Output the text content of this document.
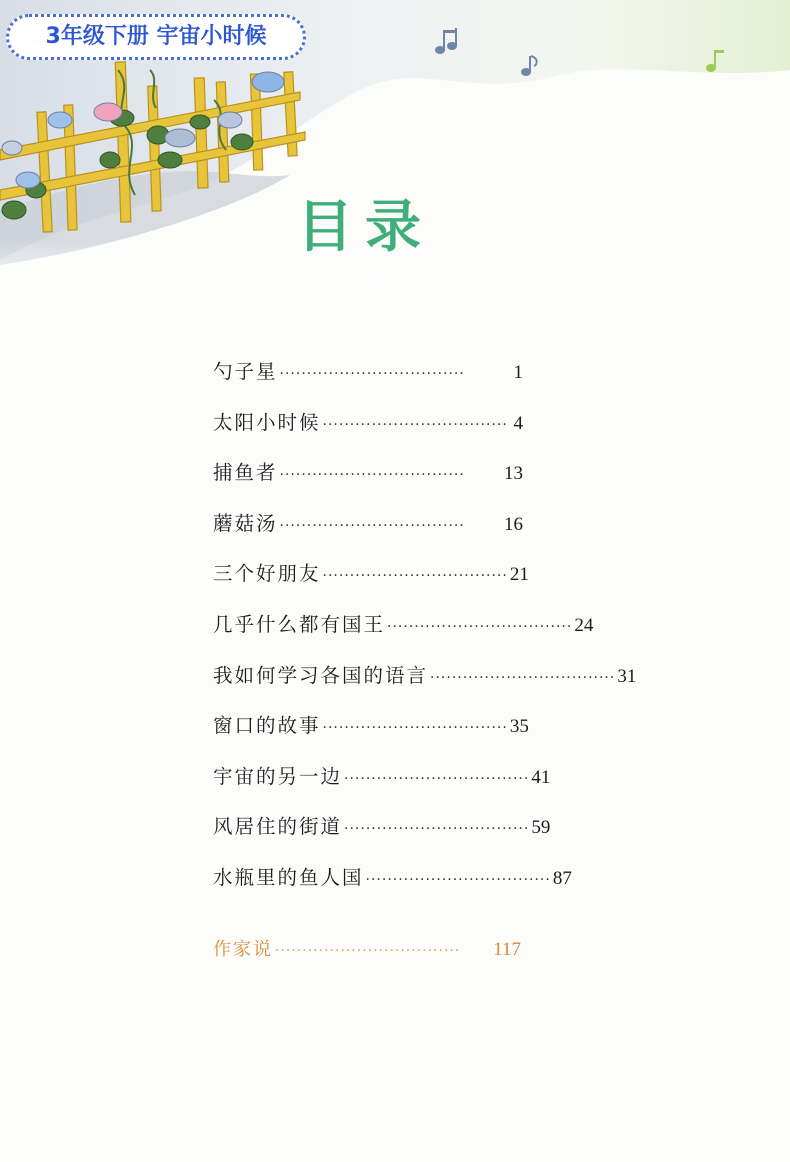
3年级下册 宇宙小时候
目录
勺子星 ··································	1
太阳小时候 ·································· 4
捕鱼者 ··································	13
蘑菇汤 ··································	16
三个好朋友 ·································· 21
几乎什么都有国王 ·································· 24
我如何学习各国的语言 ·································· 31
窗口的故事 ·································· 35
宇宙的另一边 ·································· 41
风居住的街道 ·································· 59
水瓶里的鱼人国 ·································· 87
作家说 ··································	117
